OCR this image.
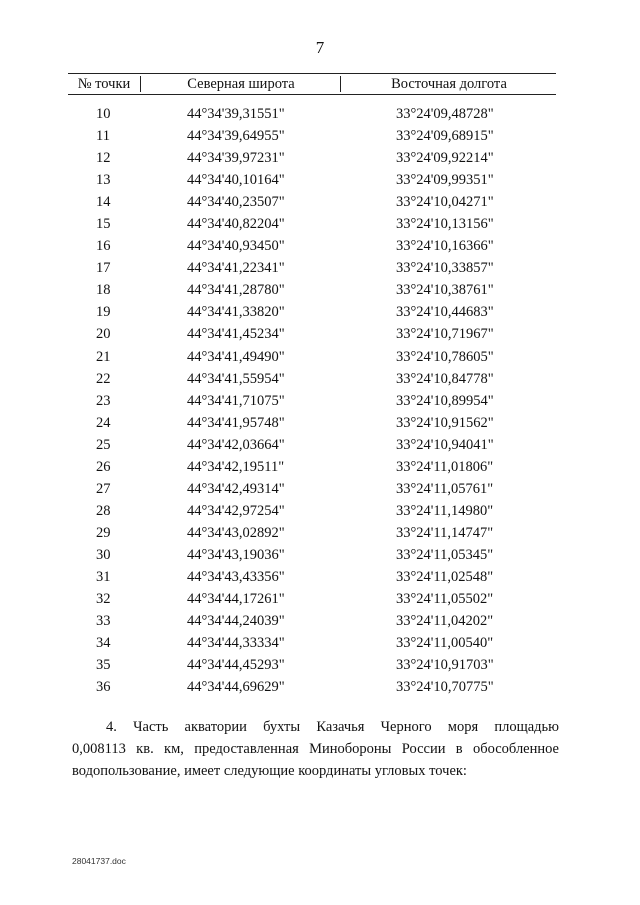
7
№ точки	Северная широта	Восточная долгота
10	44°34'39,31551"	33°24'09,48728"
11	44°34'39,64955"	33°24'09,68915"
12	44°34'39,97231"	33°24'09,92214"
13	44°34'40,10164"	33°24'09,99351"
14	44°34'40,23507"	33°24'10,04271"
15	44°34'40,82204"	33°24'10,13156"
16	44°34'40,93450"	33°24'10,16366"
17	44°34'41,22341"	33°24'10,33857"
18	44°34'41,28780"	33°24'10,38761"
19	44°34'41,33820"	33°24'10,44683"
20	44°34'41,45234"	33°24'10,71967"
21	44°34'41,49490"	33°24'10,78605"
22	44°34'41,55954"	33°24'10,84778"
23	44°34'41,71075"	33°24'10,89954"
24	44°34'41,95748"	33°24'10,91562"
25	44°34'42,03664"	33°24'10,94041"
26	44°34'42,19511"	33°24'11,01806"
27	44°34'42,49314"	33°24'11,05761"
28	44°34'42,97254"	33°24'11,14980"
29	44°34'43,02892"	33°24'11,14747"
30	44°34'43,19036"	33°24'11,05345"
31	44°34'43,43356"	33°24'11,02548"
32	44°34'44,17261"	33°24'11,05502"
33	44°34'44,24039"	33°24'11,04202"
34	44°34'44,33334"	33°24'11,00540"
35	44°34'44,45293"	33°24'10,91703"
36	44°34'44,69629"	33°24'10,70775"
4. Часть акватории бухты Казачья Черного моря площадью
0,008113 кв. км, предоставленная Минобороны России в обособленное
водопользование, имеет следующие координаты угловых точек:
28041737.doc
